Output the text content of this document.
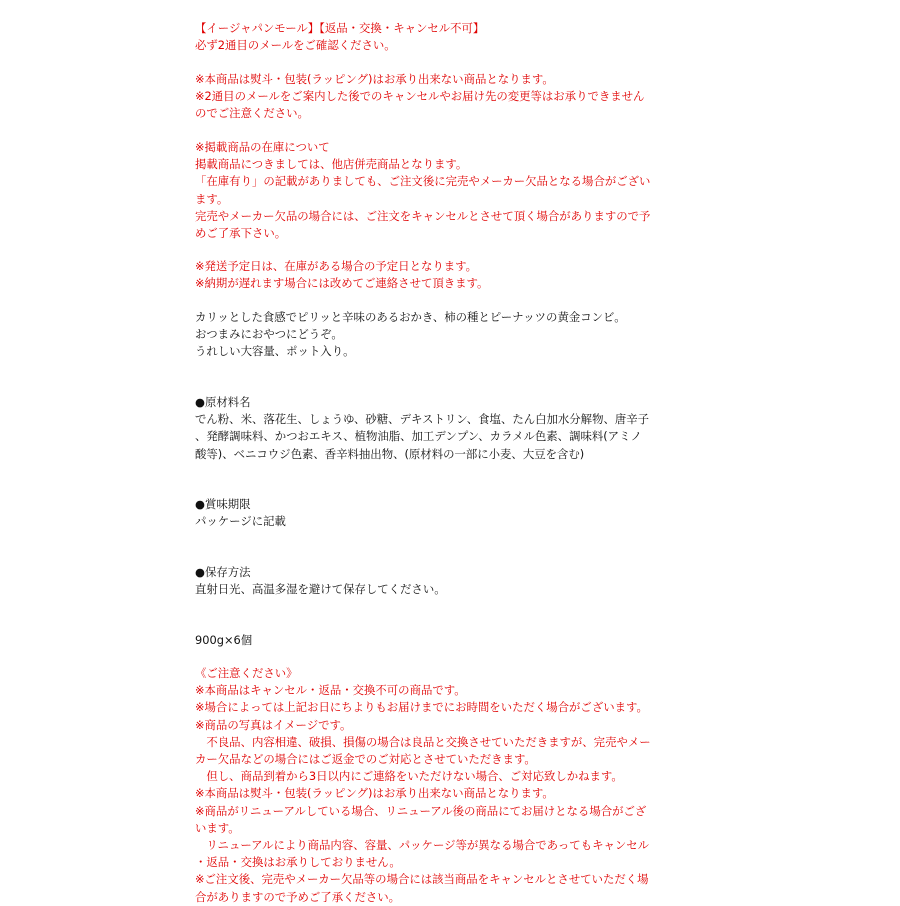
【イージャパンモール】【返品・交換・キャンセル不可】
必ず2通目のメールをご確認ください。
※本商品は熨斗・包装(ラッピング)はお承り出来ない商品となります。
※2通目のメールをご案内した後でのキャンセルやお届け先の変更等はお承りできません
のでご注意ください。
※掲載商品の在庫について
掲載商品につきましては、他店併売商品となります。
「在庫有り」の記載がありましても、ご注文後に完売やメーカー欠品となる場合がござい
ます。
完売やメーカー欠品の場合には、ご注文をキャンセルとさせて頂く場合がありますので予
めご了承下さい。
※発送予定日は、在庫がある場合の予定日となります。
※納期が遅れます場合には改めてご連絡させて頂きます。
カリッとした食感でピリッと辛味のあるおかき、柿の種とピーナッツの黄金コンビ。
おつまみにおやつにどうぞ。
うれしい大容量、ポット入り。
●原材料名
でん粉、米、落花生、しょうゆ、砂糖、デキストリン、食塩、たん白加水分解物、唐辛子
、発酵調味料、かつおエキス、植物油脂、加工デンプン、カラメル色素、調味料(アミノ
酸等)、ベニコウジ色素、香辛料抽出物、(原材料の一部に小麦、大豆を含む)
●賞味期限
パッケージに記載
●保存方法
直射日光、高温多湿を避けて保存してください。
900g×6個
《ご注意ください》
※本商品はキャンセル・返品・交換不可の商品です。
※場合によっては上記お日にちよりもお届けまでにお時間をいただく場合がございます。
※商品の写真はイメージです。
　不良品、内容相違、破損、損傷の場合は良品と交換させていただきますが、完売やメー
カー欠品などの場合にはご返金でのご対応とさせていただきます。
　但し、商品到着から3日以内にご連絡をいただけない場合、ご対応致しかねます。
※本商品は熨斗・包装(ラッピング)はお承り出来ない商品となります。
※商品がリニューアルしている場合、リニューアル後の商品にてお届けとなる場合がござ
います。
　リニューアルにより商品内容、容量、パッケージ等が異なる場合であってもキャンセル
・返品・交換はお承りしておりません。
※ご注文後、完売やメーカー欠品等の場合には該当商品をキャンセルとさせていただく場
合がありますので予めご了承ください。
